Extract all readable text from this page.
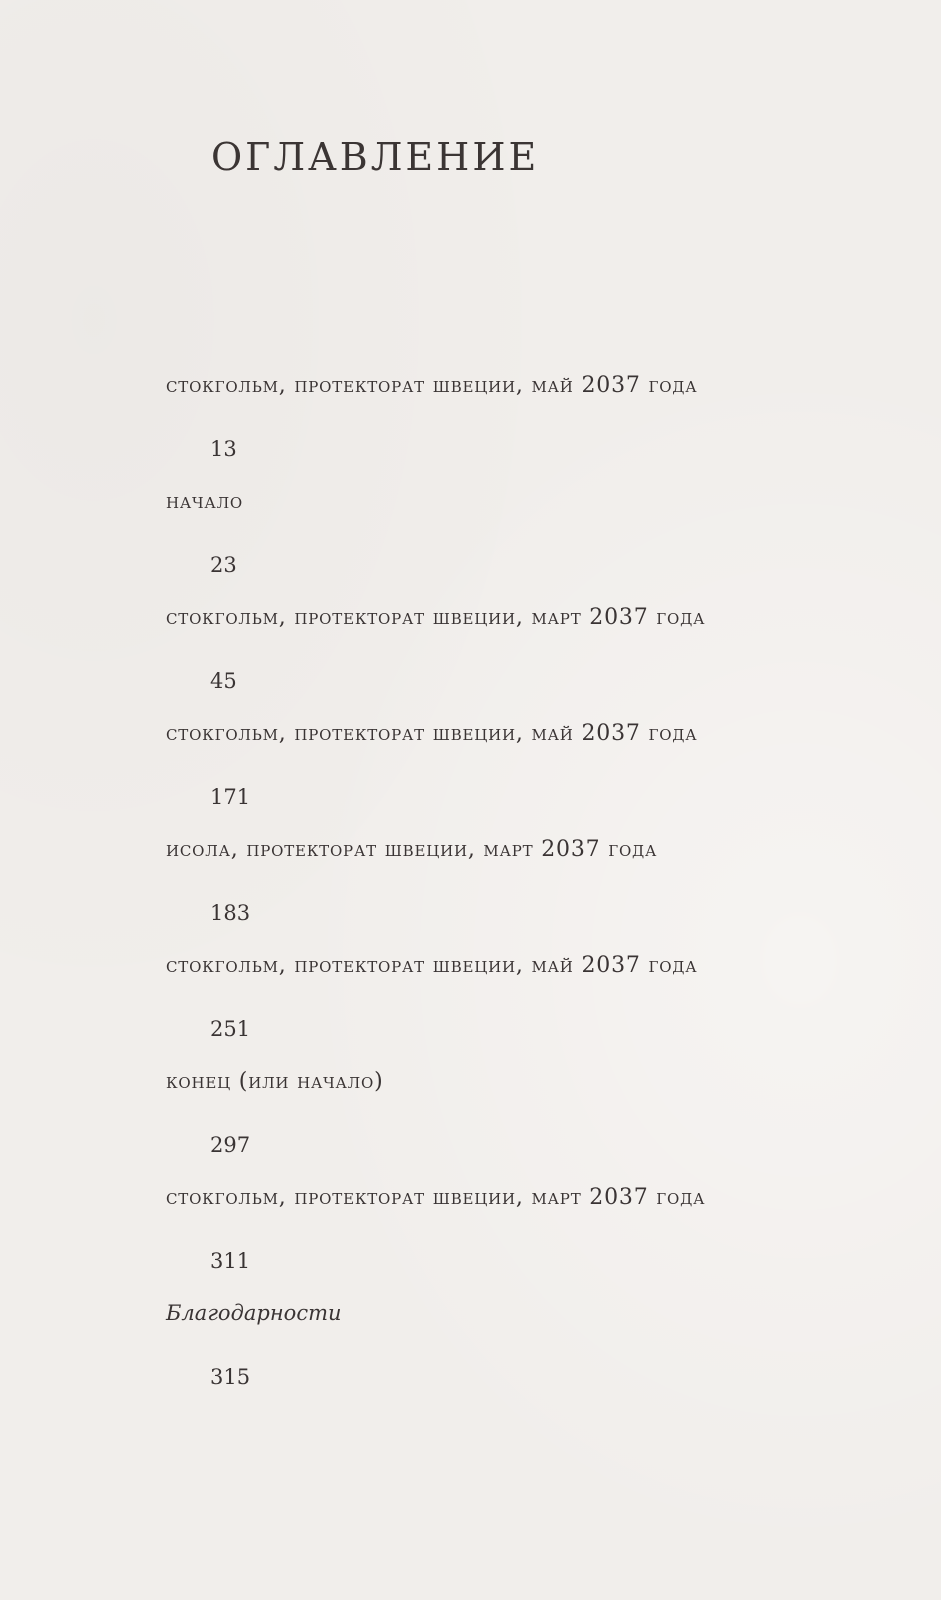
ОГЛАВЛЕНИЕ
стокгольм, протекторат швеции, май 2037 года
13
начало
23
стокгольм, протекторат швеции, март 2037 года
45
стокгольм, протекторат швеции, май 2037 года
171
исола, протекторат швеции, март 2037 года
183
стокгольм, протекторат швеции, май 2037 года
251
конец (или начало)
297
стокгольм, протекторат швеции, март 2037 года
311
Благодарности
315
